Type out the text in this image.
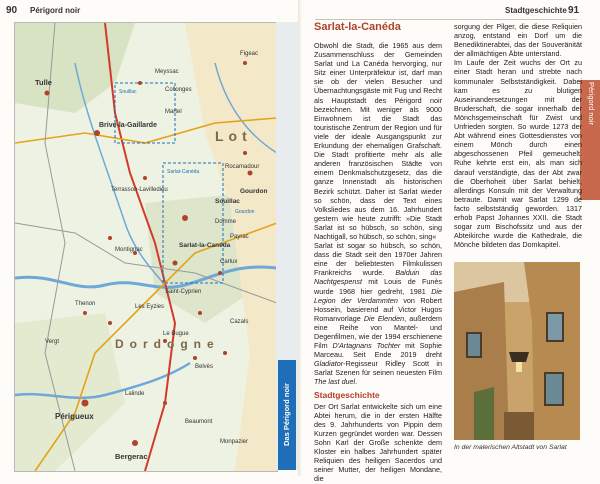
90 Périgord noir
Dordogne
Lot
Tulle
Brive-la-Gaillarde
Souillac
Sarlat-la-Canéda
Périgueux
Bergerac
Gourdon
Figeac
Rocamadour
Domme
Les Eyzies
Montignac
Terrasson-Lavilledieu
Thenon
Le Bugue
Lalinde
Belvès
Beaumont
Monpazier
Vergt
Saint-Cyprien
Carlux
Martel
Payrac
Meyssac
Collonges
Cazals
Sarlat-Canéda
Souillac
Gourdon
Das Périgord noir
91
Stadtgeschichte
Périgord noir
Sarlat-la-Canéda
Obwohl die Stadt, die 1965 aus dem Zusammenschluss der Gemeinden Sarlat und La Canéda hervorging, nur Sitz einer Unterpräfektur ist, darf man sie ob der vielen Besucher und Übernachtungsgäste mit Fug und Recht als Hauptstadt des Périgord noir bezeichnen. Mit weniger als 9000 Einwohnern ist die Stadt das touristische Zentrum der Region und für viele der ideale Ausgangspunkt zur Erkundung der ehemaligen Grafschaft. Die Stadt profitierte mehr als alle anderen französischen Städte von einem Denkmalschutzgesetz, das die ganze Innenstadt als historischen Bezirk schützt. Daher ist Sarlat wieder so schön, dass der Text eines Volksliedes aus dem 16. Jahrhundert gestern wie heute zutrifft: »Die Stadt Sarlat ist so hübsch, so schön, sing Nachtigall, so hübsch, so schön, sing«
Sarlat ist sogar so hübsch, so schön, dass die Stadt seit den 1970er Jahren eine der beliebtesten Filmkulissen Frankreichs wurde. Balduin das Nachtgespenst mit Louis de Funès wurde 1968 hier gedreht, 1981 Die Legion der Verdammten von Robert Hossein, basierend auf Victor Hugos Romanvorlage Die Elenden, außerdem eine Reihe von Mantel- und Degenfilmen, wie der 1994 erschienene Film D'Artagnans Tochter mit Sophie Marceau. Seit Ende 2019 dreht Gladiator-Regisseur Ridley Scott in Sarlat Szenen für seinen neuesten Film The last duel.
Stadtgeschichte
Der Ort Sarlat entwickelte sich um eine Abtei herum, die in der ersten Hälfte des 9. Jahrhunderts von Pippin dem Kurzen gegründet worden war. Dessen Sohn Karl der Große schenkte dem Kloster ein halbes Jahrhundert später Reliquien des heiligen Sacerdos und seiner Mutter, der heiligen Mondane, die
sorgung der Pilger, die diese Reliquien anzog, entstand ein Dorf um die Benediktinerabtei, das der Souveränität der allmächtigen Äbte unterstand.
Im Laufe der Zeit wuchs der Ort zu einer Stadt heran und strebte nach kommunaler Selbstständigkeit. Dabei kam es zu blutigen Auseinandersetzungen mit der Bruderschaft, die sogar innerhalb der Mönchsgemeinschaft für Zwist und Unfrieden sorgten. So wurde 1273 der Abt während eines Gottesdienstes von einem Mönch durch einen abgeschossenen Pfeil gemeuchelt. Ruhe kehrte erst ein, als man sich darauf verständigte, das der Abt zwar die Oberhoheit über Sarlat behielt, allerdings Konsuln mit der Verwaltung betraute. Damit war Sarlat 1299 de facto selbstständig geworden. 1317 erhob Papst Johannes XXII. die Stadt sogar zum Bischofssitz und aus der Abteikirche wurde die Kathedrale, die Mönche bildeten das Domkapitel.
In der malerischen Altstadt von Sarlat
